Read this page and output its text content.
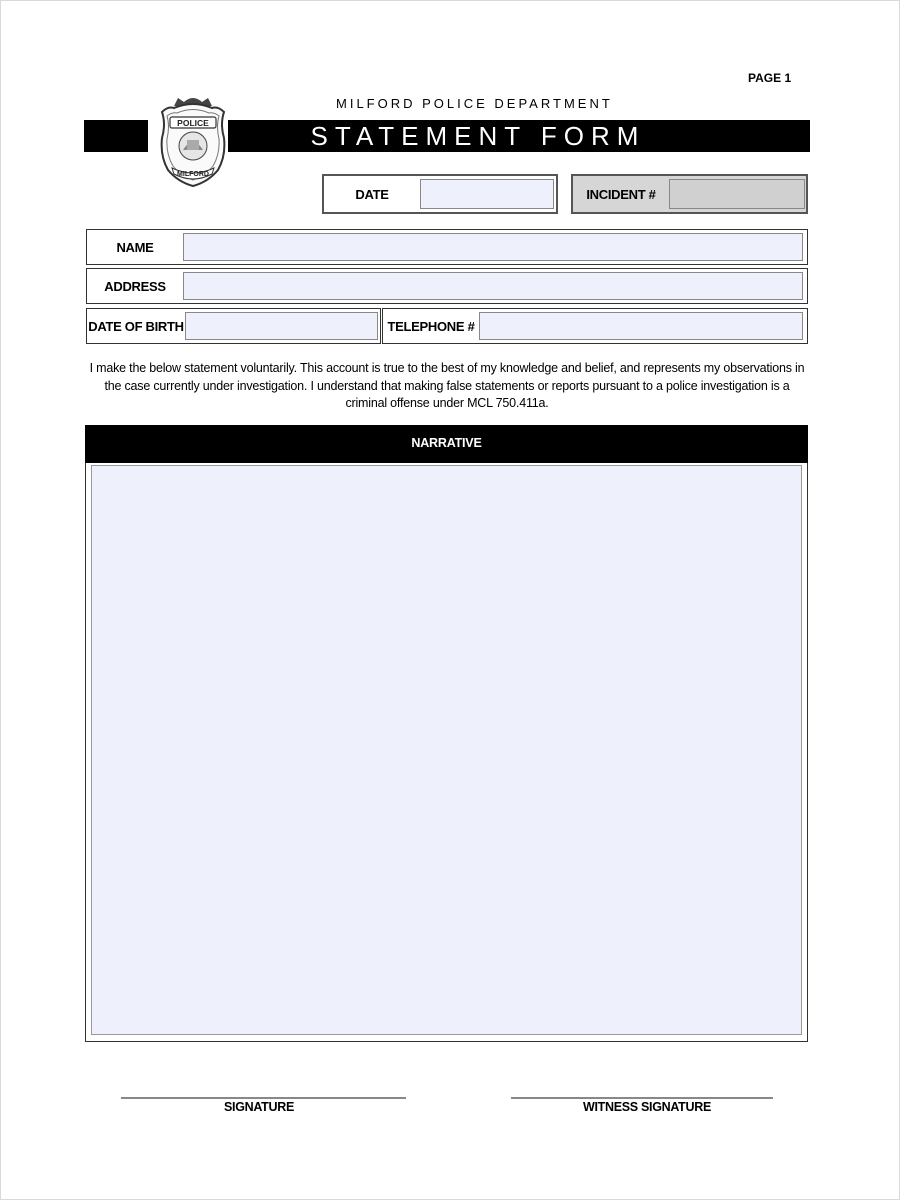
PAGE 1
MILFORD POLICE DEPARTMENT
STATEMENT FORM
POLICE
MILFORD
DATE	INCIDENT #
NAME
ADDRESS
DATE OF BIRTH	TELEPHONE #
I make the below statement voluntarily. This account is true to the best of my knowledge and belief, and represents my observations in the case currently under investigation. I understand that making false statements or reports pursuant to a police investigation is a criminal offense under MCL 750.411a.
NARRATIVE
SIGNATURE	WITNESS SIGNATURE
